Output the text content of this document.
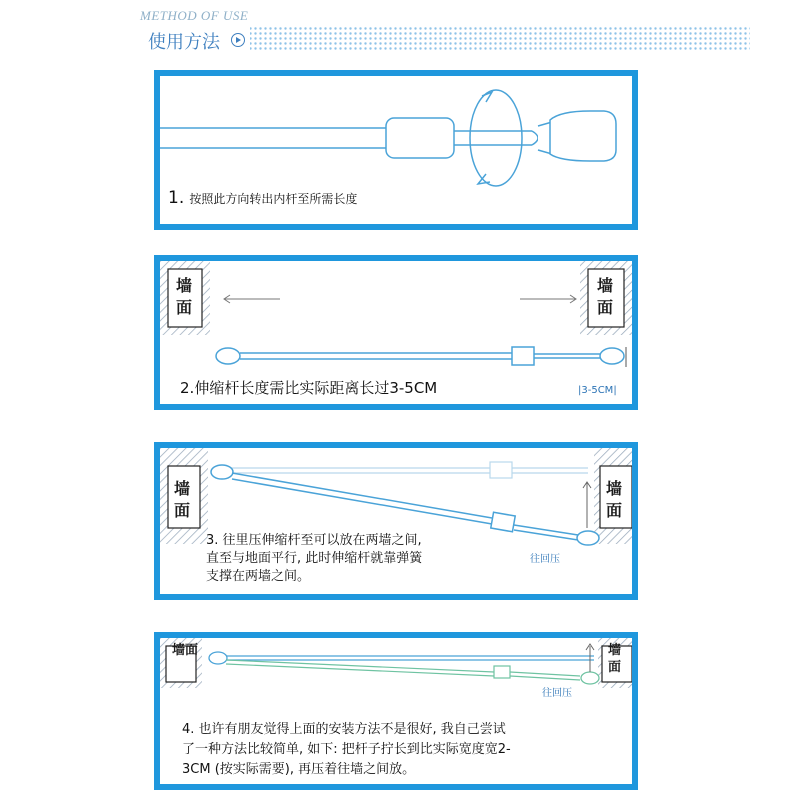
METHOD OF USE
使用方法
1. 按照此方向转出内杆至所需长度
墙面
墙面
2.伸缩杆长度需比实际距离长过3-5CM	|3-5CM|
墙面
墙面
3. 往里压伸缩杆至可以放在两墙之间,
直至与地面平行, 此时伸缩杆就靠弹簧
支撑在两墙之间。
往回压
墙面	墙面
往回压
4. 也许有朋友觉得上面的安装方法不是很好, 我自己尝试
了一种方法比较简单, 如下: 把杆子拧长到比实际宽度宽2-
3CM (按实际需要), 再压着往墙之间放。
